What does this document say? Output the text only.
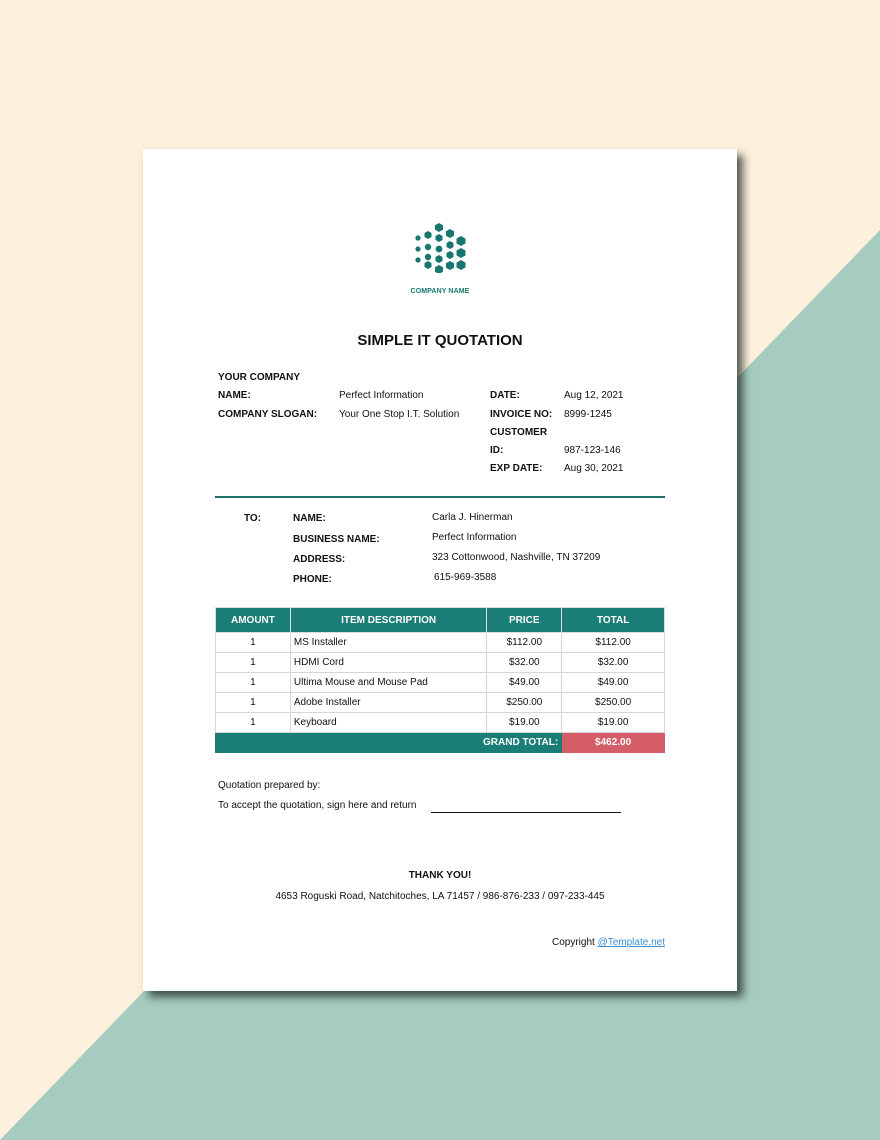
COMPANY NAME
SIMPLE IT QUOTATION
YOUR COMPANY
NAME:	Perfect Information
COMPANY SLOGAN: Your One Stop I.T. Solution
DATE:	Aug 12, 2021
INVOICE NO: 8999-1245
CUSTOMER
ID:	987-123-146
EXP DATE: Aug 30, 2021
TO:	NAME:	Carla J. Hinerman
BUSINESS NAME:	Perfect Information
ADDRESS:	323 Cottonwood, Nashville, TN 37209
PHONE:	615-969-3588
AMOUNT	ITEM DESCRIPTION	PRICE	TOTAL
1	MS Installer	$112.00	$112.00
1	HDMI Cord	$32.00	$32.00
1	Ultima Mouse and Mouse Pad	$49.00	$49.00
1	Adobe Installer	$250.00	$250.00
1	Keyboard	$19.00	$19.00
GRAND TOTAL:			$462.00
Quotation prepared by:
To accept the quotation, sign here and return
THANK YOU!
4653 Roguski Road, Natchitoches, LA 71457 / 986-876-233 / 097-233-445
Copyright @Template.net
